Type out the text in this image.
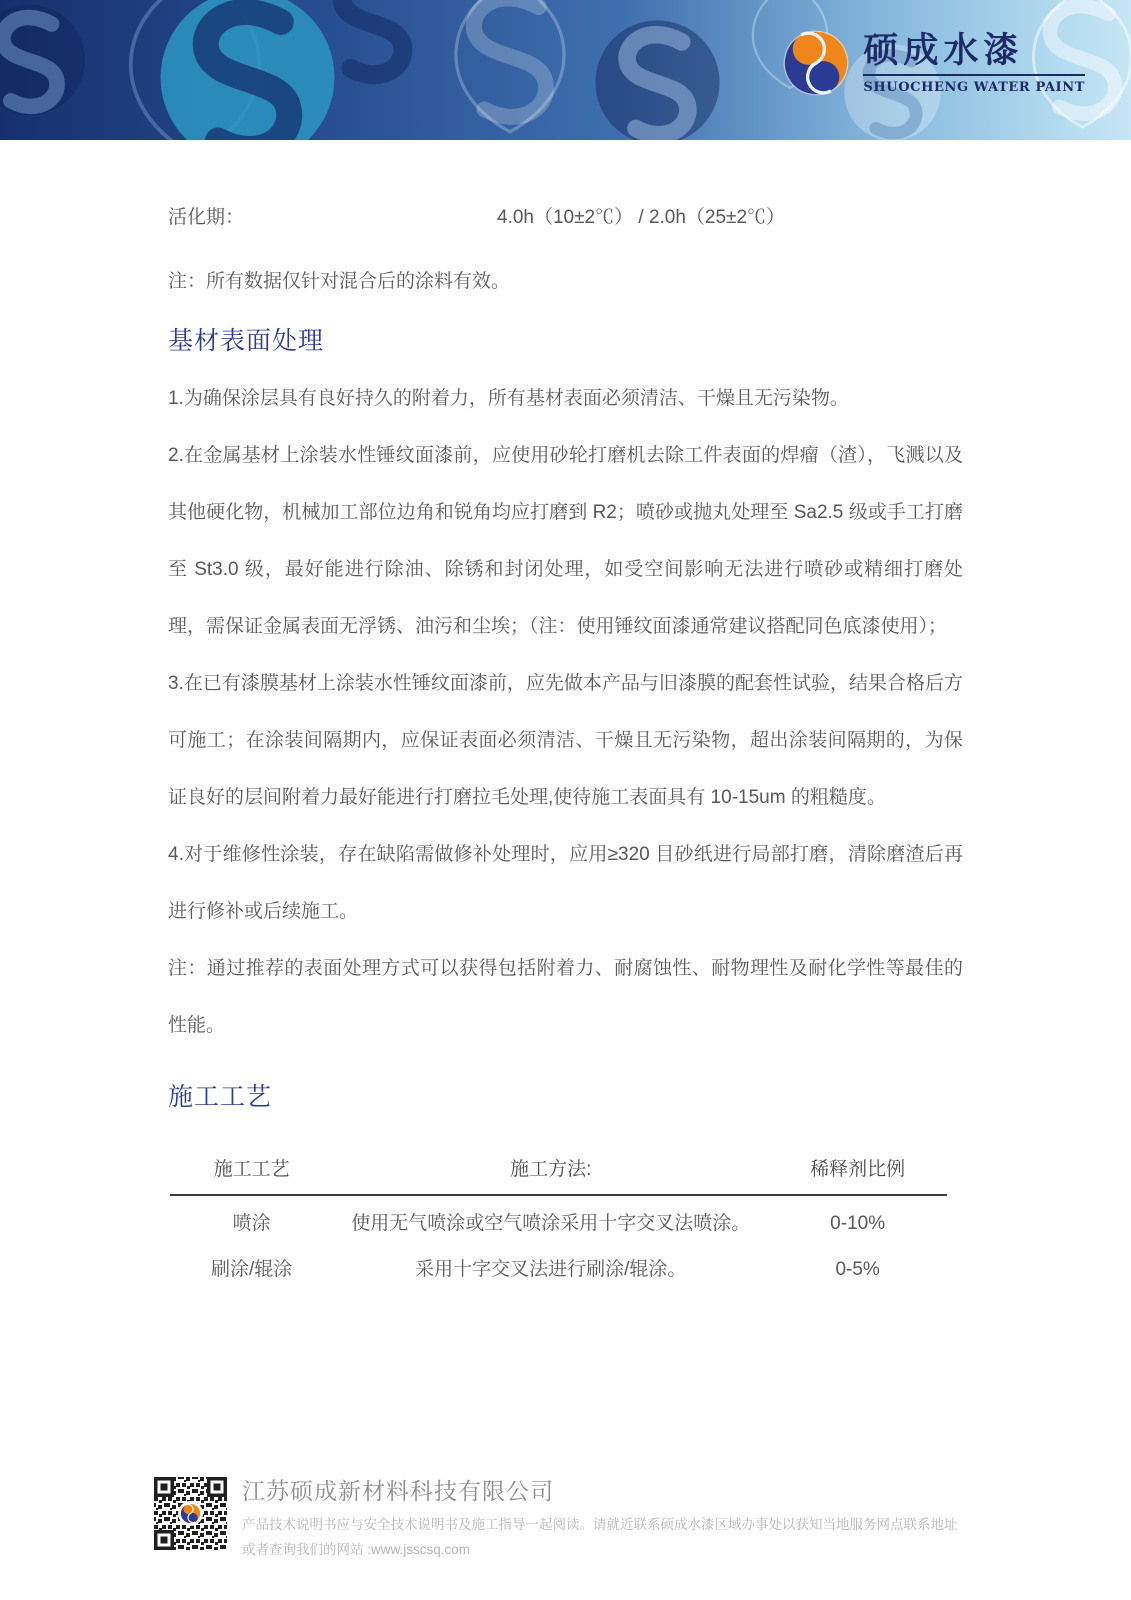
硕成水漆
SHUOCHENG WATER PAINT
活化期：	4.0h（10±2℃） / 2.0h（25±2℃）
注：所有数据仅针对混合后的涂料有效。
基材表面处理

1.为确保涂层具有良好持久的附着力，所有基材表面必须清洁、干燥且无污染物。

2.在金属基材上涂装水性锤纹面漆前，应使用砂轮打磨机去除工件表面的焊瘤（渣），飞溅以及其他硬化物，机械加工部位边角和锐角均应打磨到 R2；喷砂或抛丸处理至 Sa2.5 级或手工打磨至 St3.0 级，最好能进行除油、除锈和封闭处理，如受空间影响无法进行喷砂或精细打磨处理，需保证金属表面无浮锈、油污和尘埃；（注：使用锤纹面漆通常建议搭配同色底漆使用）；

3.在已有漆膜基材上涂装水性锤纹面漆前，应先做本产品与旧漆膜的配套性试验，结果合格后方可施工；在涂装间隔期内，应保证表面必须清洁、干燥且无污染物，超出涂装间隔期的，为保证良好的层间附着力最好能进行打磨拉毛处理,使待施工表面具有 10-15um 的粗糙度。

4.对于维修性涂装，存在缺陷需做修补处理时，应用≥320 目砂纸进行局部打磨，清除磨渣后再进行修补或后续施工。

注：通过推荐的表面处理方式可以获得包括附着力、耐腐蚀性、耐物理性及耐化学性等最佳的性能。

施工工艺
施工工艺	施工方法:	稀释剂比例
喷涂	使用无气喷涂或空气喷涂采用十字交叉法喷涂。	0-10%
刷涂/辊涂	采用十字交叉法进行刷涂/辊涂。	0-5%
江苏硕成新材料科技有限公司
产品技术说明书应与安全技术说明书及施工指导一起阅读。请就近联系硕成水漆区域办事处以获知当地服务网点联系地址
或者查询我们的网站 :www.jsscsq.com
